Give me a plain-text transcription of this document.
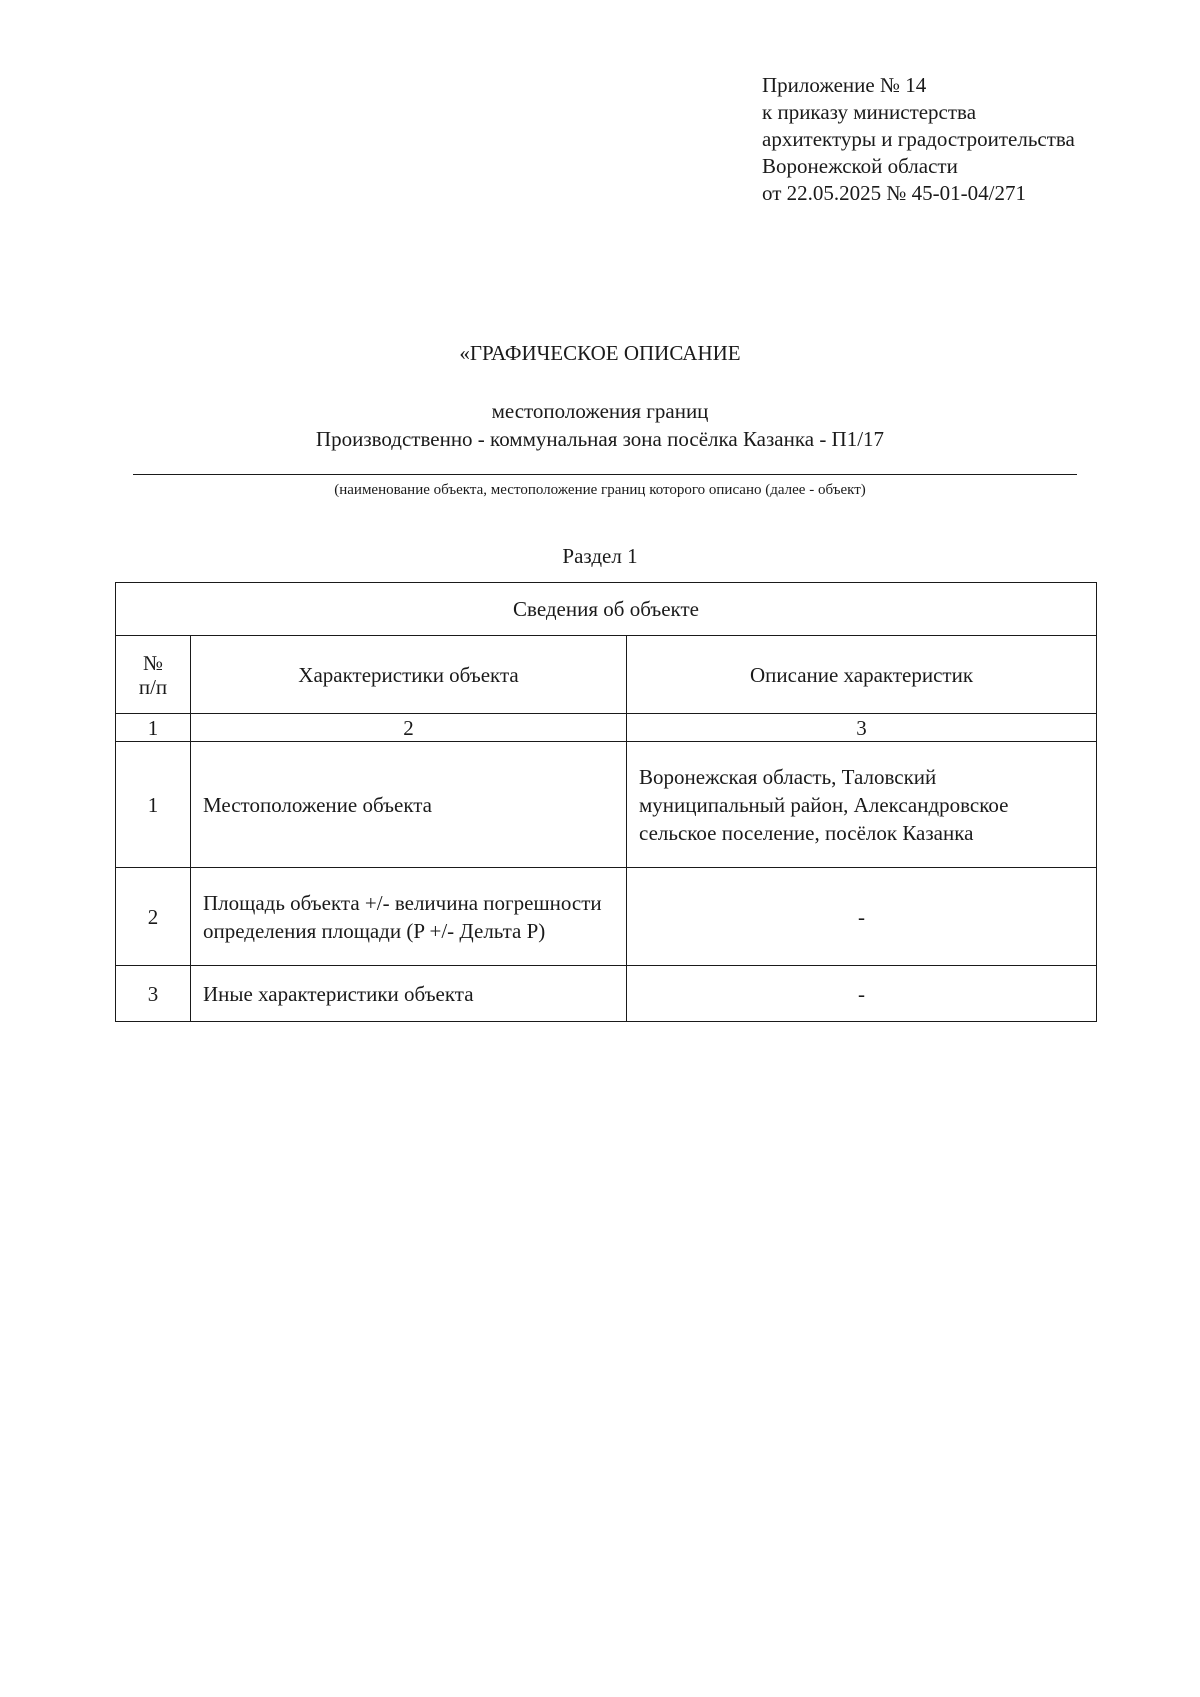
Приложение № 14
к приказу министерства
архитектуры и градостроительства
Воронежской области
от 22.05.2025 № 45-01-04/271
«ГРАФИЧЕСКОЕ ОПИСАНИЕ
местоположения границ
Производственно - коммунальная зона посёлка Казанка - П1/17
(наименование объекта, местоположение границ которого описано (далее - объект)
Раздел 1
Сведения об объекте		

№
п/п	Характеристики объекта	Описание характеристик
1	2	3
1	Местоположение объекта	Воронежская область, Таловский муниципальный район, Александровское сельское поселение, посёлок Казанка
2	Площадь объекта +/- величина погрешности определения площади (P +/- Дельта P)	-
3	Иные характеристики объекта	-
